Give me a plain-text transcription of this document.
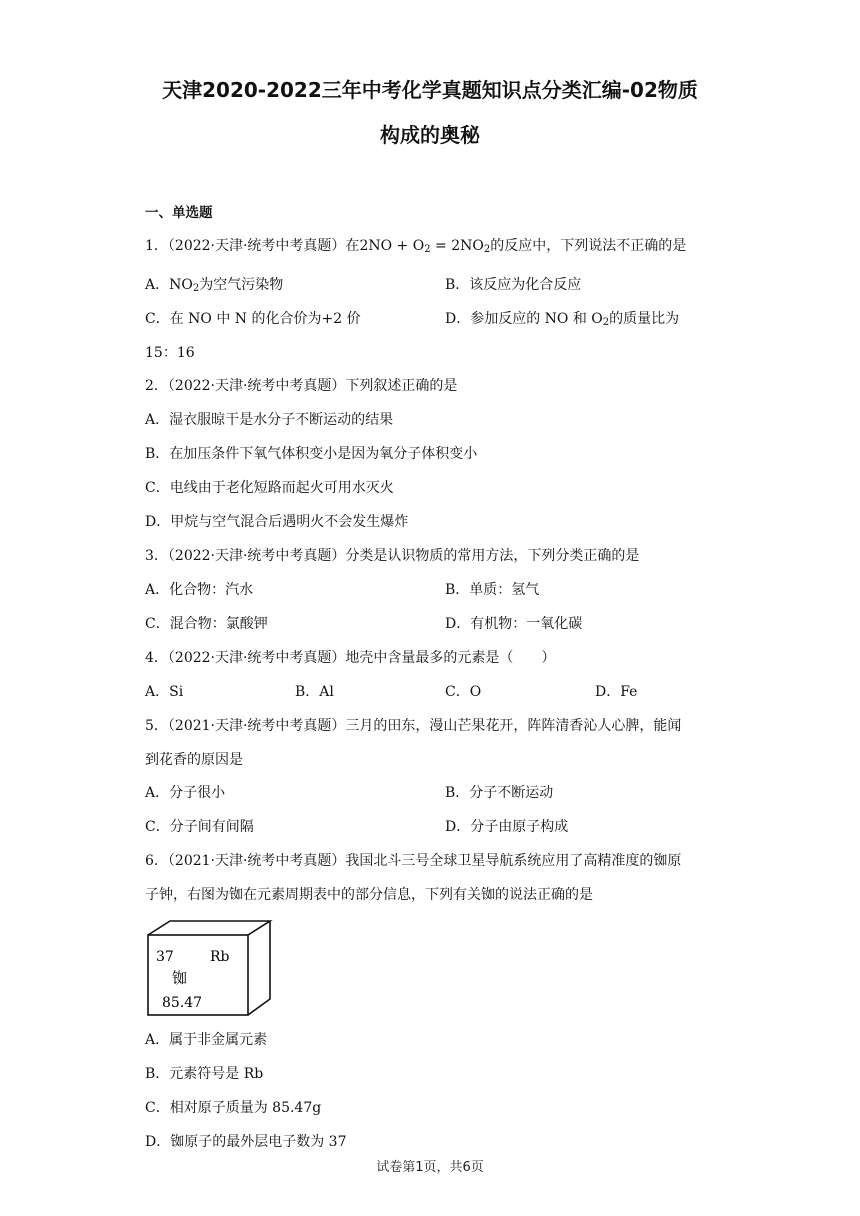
天津2020-2022三年中考化学真题知识点分类汇编-02物质
构成的奥秘
一、单选题
1．（2022·天津·统考中考真题）在$2NO + O_2 = 2NO_2$的反应中，下列说法不正确的是
A．$NO_2$为空气污染物	B．该反应为化合反应
C．在 NO 中 N 的化合价为+2 价	D．参加反应的 NO 和 $O_2$的质量比为
15：16
2．（2022·天津·统考中考真题）下列叙述正确的是
A．湿衣服晾干是水分子不断运动的结果
B．在加压条件下氧气体积变小是因为氧分子体积变小
C．电线由于老化短路而起火可用水灭火
D．甲烷与空气混合后遇明火不会发生爆炸
3．（2022·天津·统考中考真题）分类是认识物质的常用方法，下列分类正确的是
A．化合物：汽水	B．单质：氢气
C．混合物：氯酸钾	D．有机物：一氧化碳
4．（2022·天津·统考中考真题）地壳中含量最多的元素是（　　）
A．Si	B．Al	C．O	D．Fe
5．（2021·天津·统考中考真题）三月的田东，漫山芒果花开，阵阵清香沁人心脾，能闻
到花香的原因是
A．分子很小	B．分子不断运动
C．分子间有间隔	D．分子由原子构成
6．（2021·天津·统考中考真题）我国北斗三号全球卫星导航系统应用了高精准度的铷原
子钟，右图为铷在元素周期表中的部分信息，下列有关铷的说法正确的是
37	Rb
铷
85.47
A．属于非金属元素
B．元素符号是 Rb
C．相对原子质量为 85.47g
D．铷原子的最外层电子数为 37
试卷第1页，共6页
